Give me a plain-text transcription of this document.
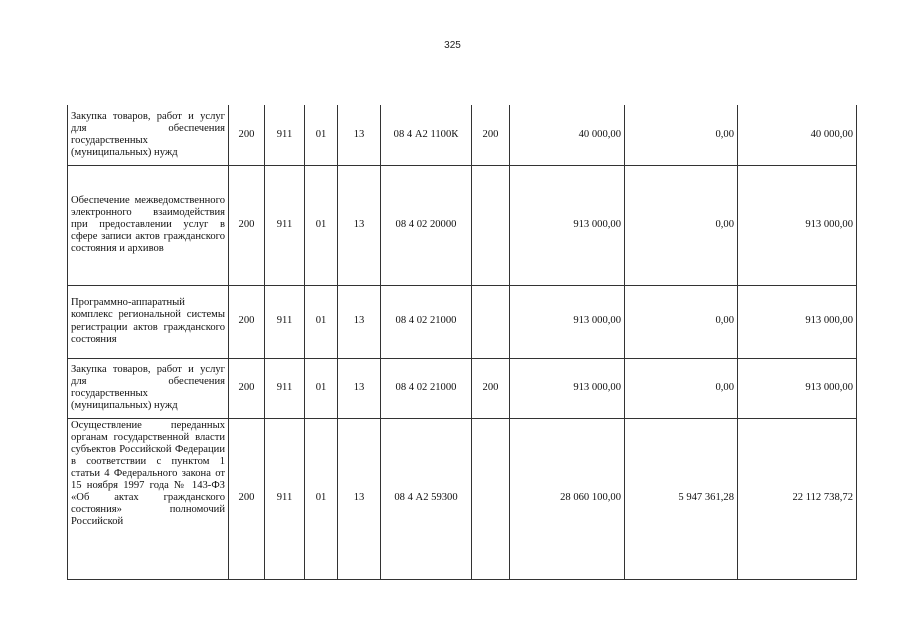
325
Закупка товаров, работ и услуг для обеспечения государственных (муниципальных) нужд	200	911	01	13	08 4 А2 1100К	200	40 000,00	0,00	40 000,00
Обеспечение межведомственного электронного взаимодействия при предоставлении услуг в сфере записи актов гражданского состояния и архивов	200	911	01	13	08 4 02 20000		913 000,00	0,00	913 000,00
Программно-аппаратный комплекс региональной системы регистрации актов гражданского состояния	200	911	01	13	08 4 02 21000		913 000,00	0,00	913 000,00
Закупка товаров, работ и услуг для обеспечения государственных (муниципальных) нужд	200	911	01	13	08 4 02 21000	200	913 000,00	0,00	913 000,00
Осуществление переданных органам государственной власти субъектов Российской Федерации в соответствии с пунктом 1 статьи 4 Федерального закона от 15 ноября 1997 года № 143-ФЗ «Об актах гражданского состояния» полномочий Российской	200	911	01	13	08 4 А2 59300		28 060 100,00	5 947 361,28	22 112 738,72
